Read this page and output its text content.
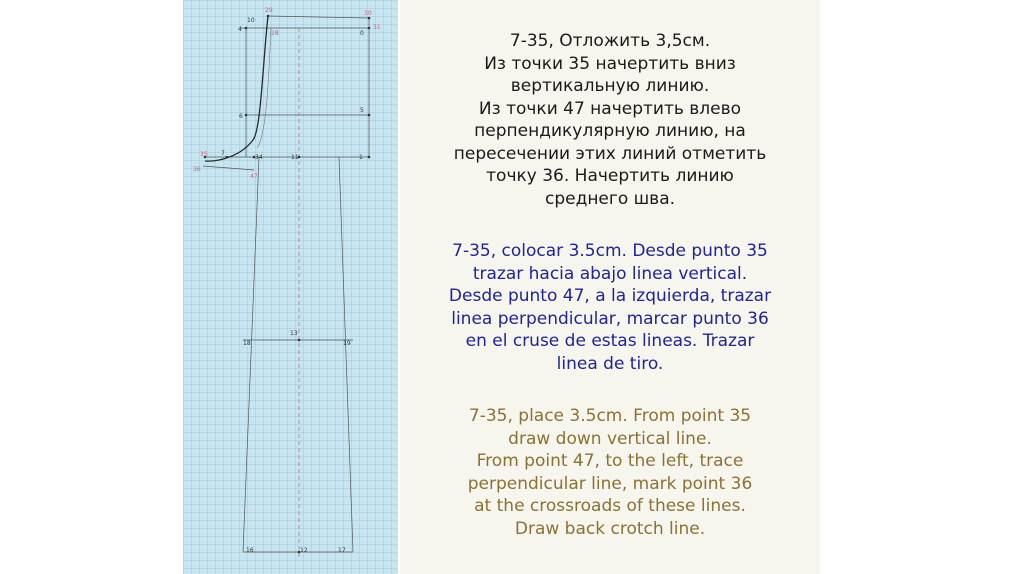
29
10
4
28
30
0
31
6
5
35 7
34	11	1
36
47
13
18	19
16	12	17

7-35, Отложить 3,5см.
Из точки 35 начертить вниз
вертикальную линию.
Из точки 47 начертить влево
перпендикулярную линию, на
пересечении этих линий отметить
точку 36. Начертить линию
среднего шва.

7-35, colocar 3.5cm. Desde punto 35
trazar hacia abajo linea vertical.
Desde punto 47, a la izquierda, trazar
linea perpendicular, marcar punto 36
en el cruse de estas lineas. Trazar
linea de tiro.

7-35, place 3.5cm. From point 35
draw down vertical line.
From point 47, to the left, trace
perpendicular line, mark point 36
at the crossroads of these lines.
Draw back crotch line.
